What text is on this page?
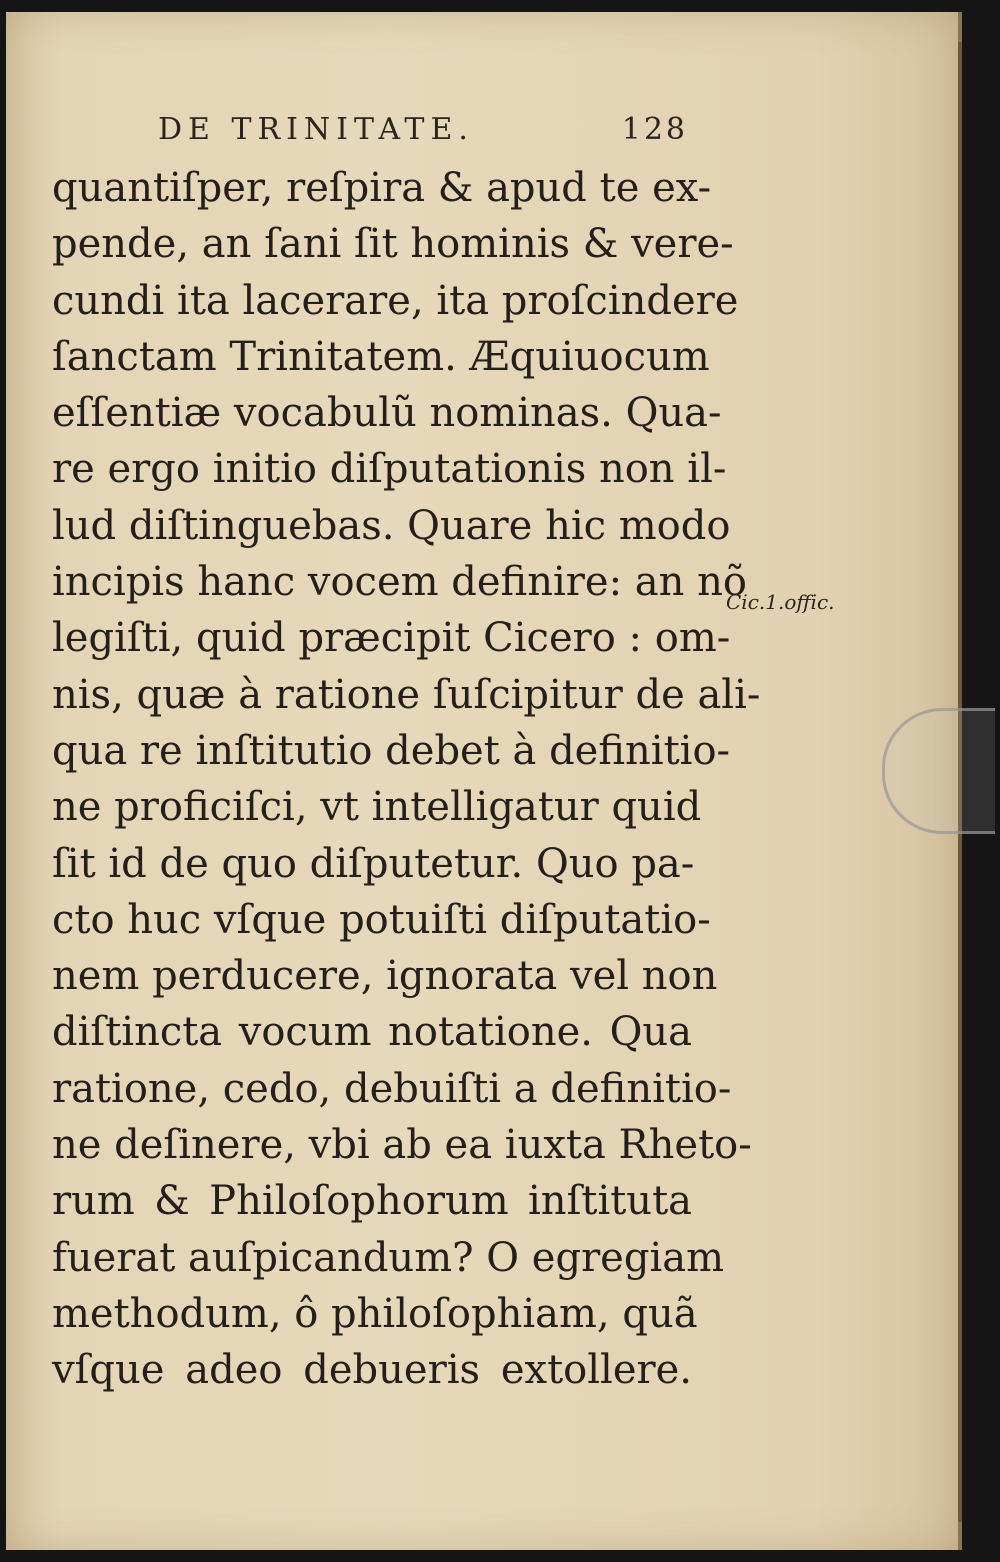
DE TRINITATE.	128
quantiſper, reſpira & apud te ex-
pende, an ſani ſit hominis & vere-
cundi ita lacerare, ita proſcindere
ſanctam Trinitatem. Æquiuocum
eſſentiæ vocabulũ nominas. Qua-
re ergo initio diſputationis non il-
lud diſtinguebas. Quare hic modo
incipis hanc vocem definire: an nõ
legiſti, quid præcipit Cicero : om-
nis, quæ à ratione ſuſcipitur de ali-
qua re inſtitutio debet à definitio-
ne proficiſci, vt intelligatur quid
ſit id de quo diſputetur. Quo pa-
cto huc vſque potuiſti diſputatio-
nem perducere, ignorata vel non
diſtincta vocum notatione. Qua
ratione, cedo, debuiſti a definitio-
ne deſinere, vbi ab ea iuxta Rheto-
rum & Philoſophorum inſtituta
fuerat auſpicandum? O egregiam
methodum, ô philoſophiam, quã
vſque adeo debueris extollere.
Cic.1.offic.
